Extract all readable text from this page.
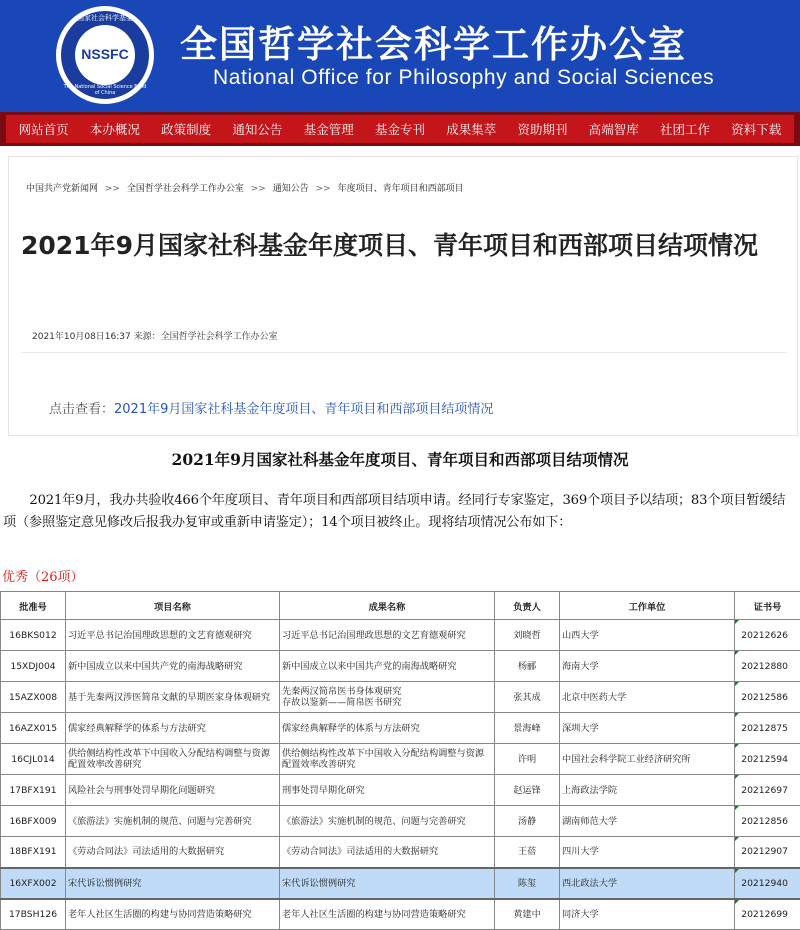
国家社会科学基金
NSSFC
The National Social Science Fund of China
全国哲学社会科学工作办公室
National Office for Philosophy and Social Sciences
网站首页 本办概况 政策制度 通知公告 基金管理 基金专刊 成果集萃 资助期刊 高端智库 社团工作 资料下载
中国共产党新闻网 >> 全国哲学社会科学工作办公室 >> 通知公告 >> 年度项目、青年项目和西部项目
2021年9月国家社科基金年度项目、青年项目和西部项目结项情况
2021年10月08日16:37 来源：全国哲学社会科学工作办公室
点击查看：2021年9月国家社科基金年度项目、青年项目和西部项目结项情况
2021年9月国家社科基金年度项目、青年项目和西部项目结项情况
2021年9月，我办共验收466个年度项目、青年项目和西部项目结项申请。经同行专家鉴定，369个项目予以结项；83个项目暂缓结项（参照鉴定意见修改后报我办复审或重新申请鉴定）；14个项目被终止。现将结项情况公布如下：
优秀（26项）
批准号	项目名称	成果名称	负责人	工作单位	证书号
16BKS012	习近平总书记治国理政思想的文艺育德观研究	习近平总书记治国理政思想的文艺育德观研究	刘晓哲	山西大学	20212626

15XDJ004	新中国成立以来中国共产党的南海战略研究	新中国成立以来中国共产党的南海战略研究	杨郦	海南大学	20212880

15AZX008	基于先秦两汉涉医简帛文献的早期医家身体观研究	先秦两汉简帛医书身体观研究
存故以鉴新——简帛医书研究	张其成	北京中医药大学	20212586

16AZX015	儒家经典解释学的体系与方法研究	儒家经典解释学的体系与方法研究	景海峰	深圳大学	20212875

16CJL014	供给侧结构性改革下中国收入分配结构调整与资源配置效率改善研究	供给侧结构性改革下中国收入分配结构调整与资源配置效率改善研究	许明	中国社会科学院工业经济研究所	20212594

17BFX191	风险社会与刑事处罚早期化问题研究	刑事处罚早期化研究	赵运锋	上海政法学院	20212697

16BFX009	《旅游法》实施机制的规范、问题与完善研究	《旅游法》实施机制的规范、问题与完善研究	汤静	湖南师范大学	20212856

18BFX191	《劳动合同法》司法适用的大数据研究	《劳动合同法》司法适用的大数据研究	王蓓	四川大学	20212907

16XFX002	宋代诉讼惯例研究	宋代诉讼惯例研究	陈玺	西北政法大学	20212940

17BSH126	老年人社区生活圈的构建与协同营造策略研究	老年人社区生活圈的构建与协同营造策略研究	黄建中	同济大学	20212699
